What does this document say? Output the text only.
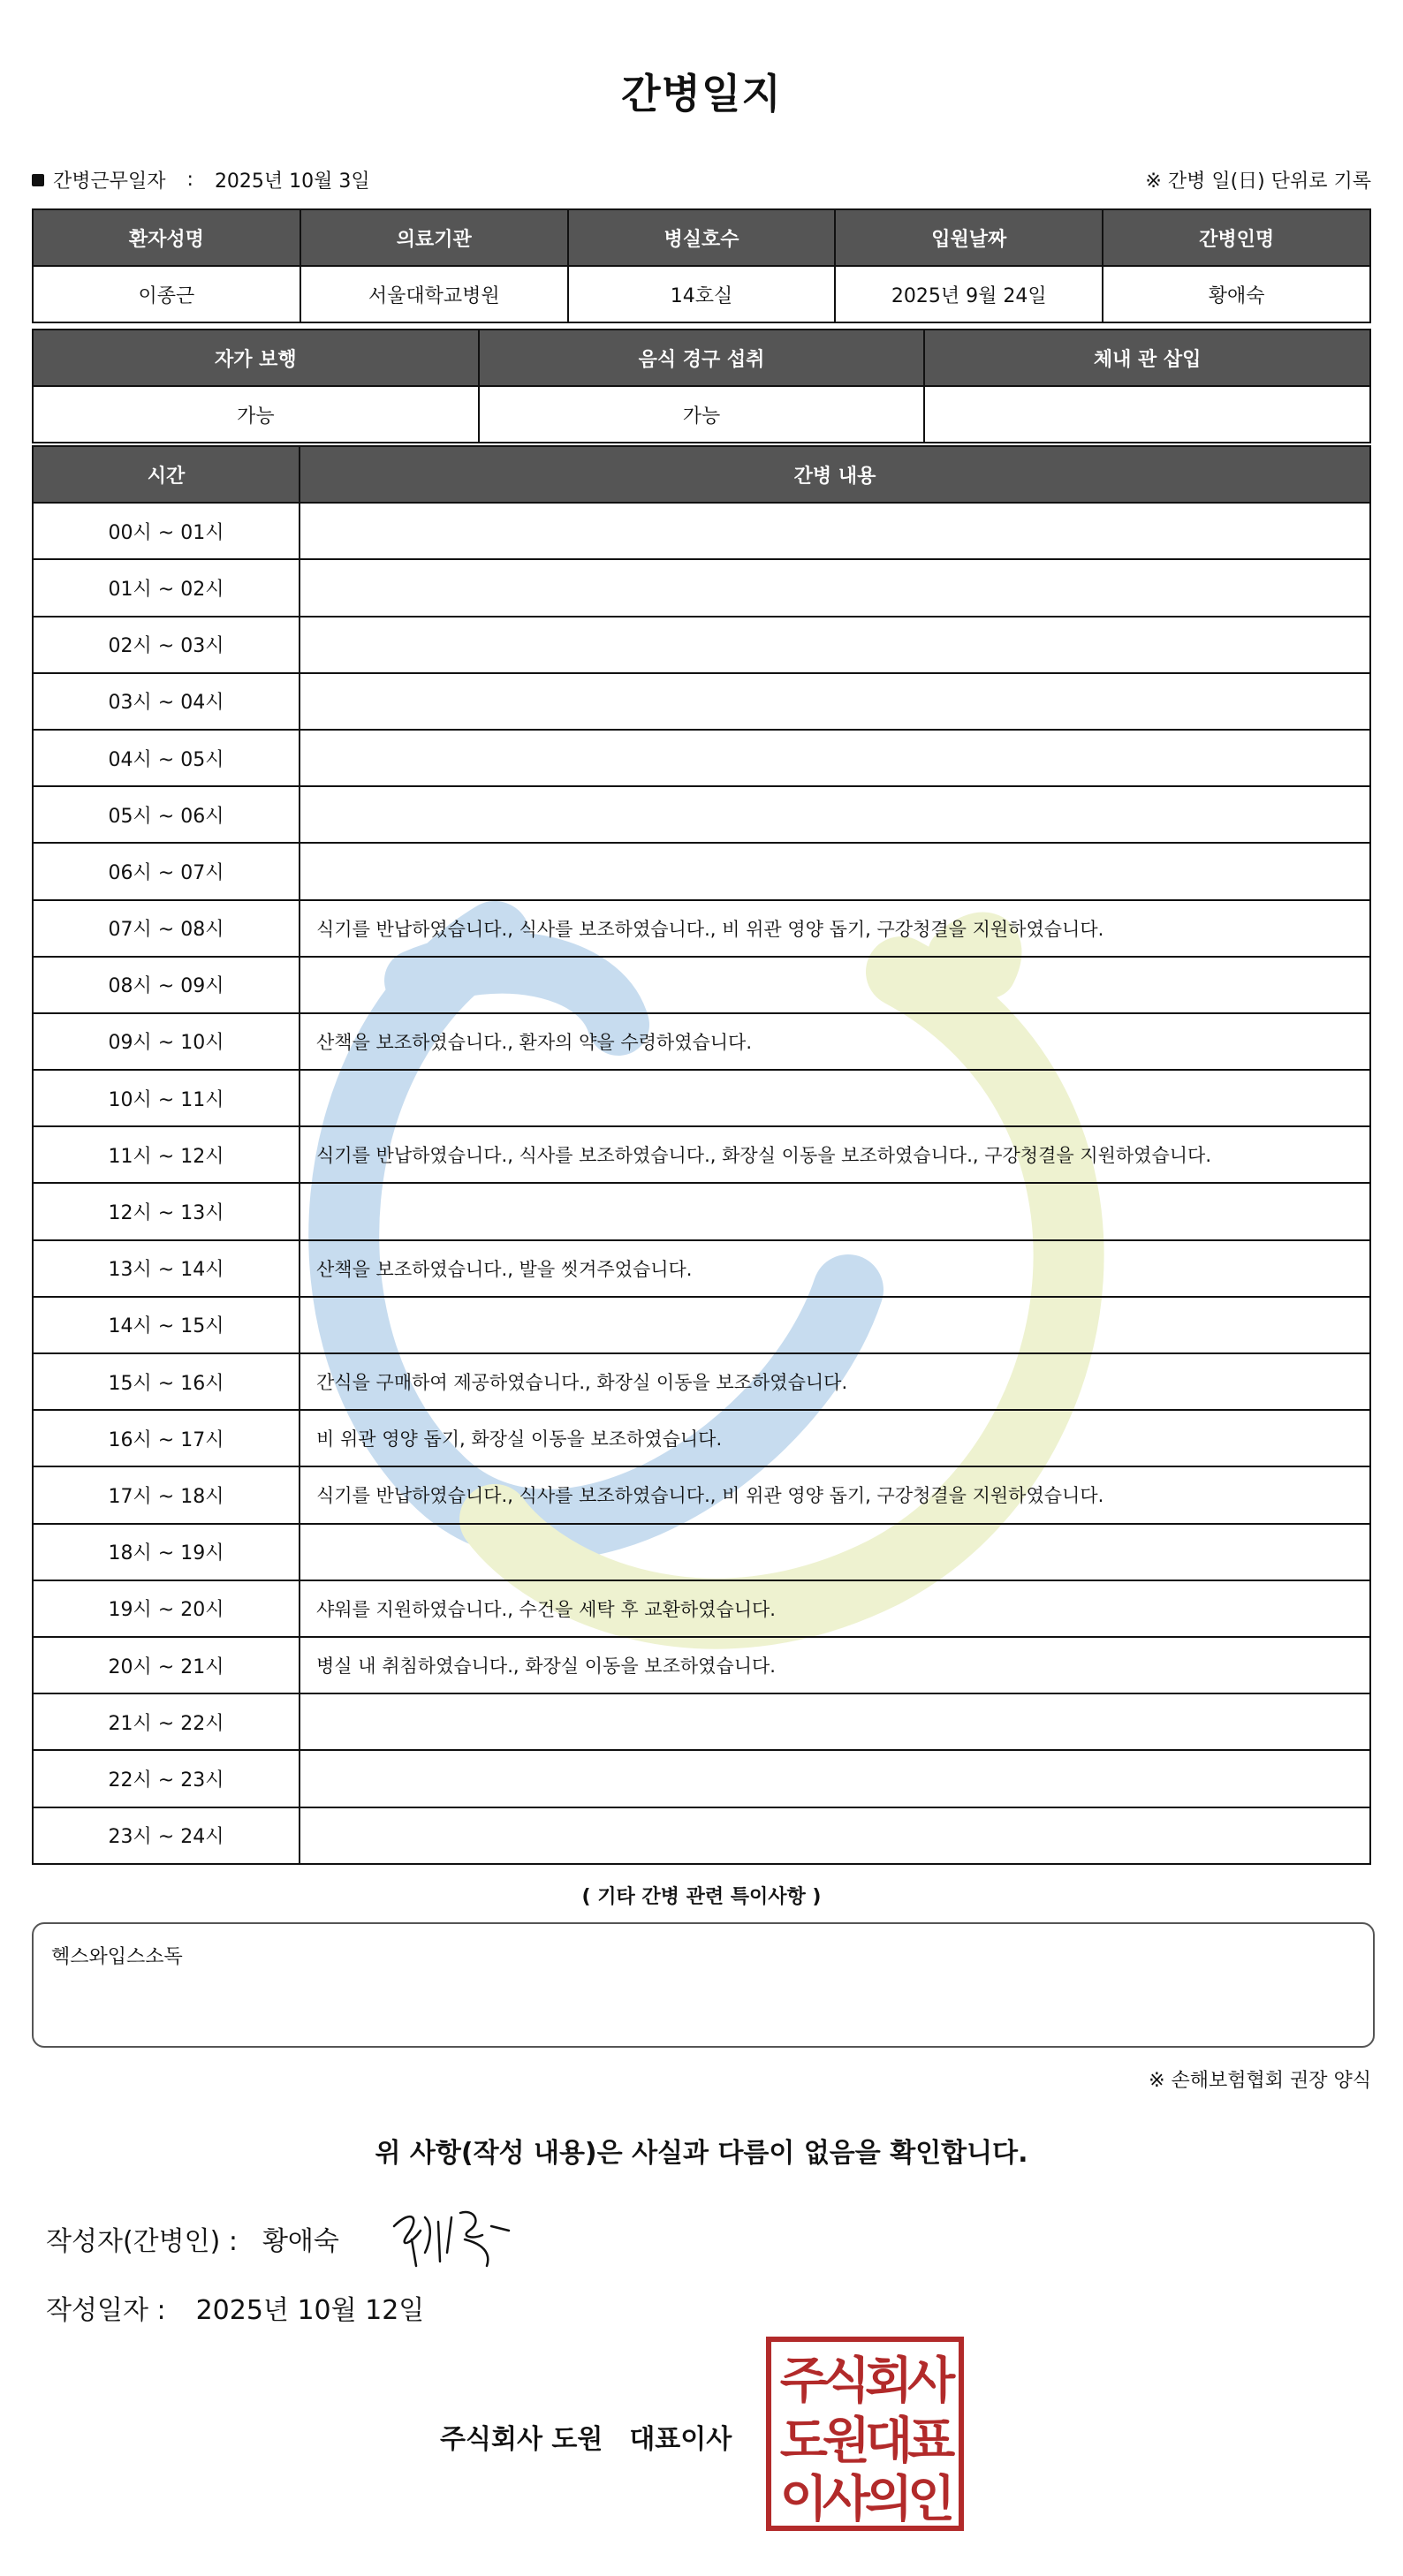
간병일지
간병근무일자 : 2025년 10월 3일	※ 간병 일(日) 단위로 기록
환자성명	의료기관	병실호수	입원날짜	간병인명
이종근	서울대학교병원	14호실	2025년 9월 24일	황애숙
자가 보행	음식 경구 섭취	체내 관 삽입
가능	가능	
시간	간병 내용
00시 ~ 01시	
01시 ~ 02시	
02시 ~ 03시	
03시 ~ 04시	
04시 ~ 05시	
05시 ~ 06시	
06시 ~ 07시	
07시 ~ 08시	식기를 반납하였습니다., 식사를 보조하였습니다., 비 위관 영양 돕기, 구강청결을 지원하였습니다.
08시 ~ 09시	
09시 ~ 10시	산책을 보조하였습니다., 환자의 약을 수령하였습니다.
10시 ~ 11시	
11시 ~ 12시	식기를 반납하였습니다., 식사를 보조하였습니다., 화장실 이동을 보조하였습니다., 구강청결을 지원하였습니다.
12시 ~ 13시	
13시 ~ 14시	산책을 보조하였습니다., 발을 씻겨주었습니다.
14시 ~ 15시	
15시 ~ 16시	간식을 구매하여 제공하였습니다., 화장실 이동을 보조하였습니다.
16시 ~ 17시	비 위관 영양 돕기, 화장실 이동을 보조하였습니다.
17시 ~ 18시	식기를 반납하였습니다., 식사를 보조하였습니다., 비 위관 영양 돕기, 구강청결을 지원하였습니다.
18시 ~ 19시	
19시 ~ 20시	샤워를 지원하였습니다., 수건을 세탁 후 교환하였습니다.
20시 ~ 21시	병실 내 취침하였습니다., 화장실 이동을 보조하였습니다.
21시 ~ 22시	
22시 ~ 23시	
23시 ~ 24시	
( 기타 간병 관련 특이사항 )
헥스와입스소독
※ 손해보험협회 권장 양식
위 사항(작성 내용)은 사실과 다름이 없음을 확인합니다.
작성자(간병인) : 황애숙
작성일자 : 2025년 10월 12일
주식회사 도원 대표이사
주식회사
도원대표
이사의인
